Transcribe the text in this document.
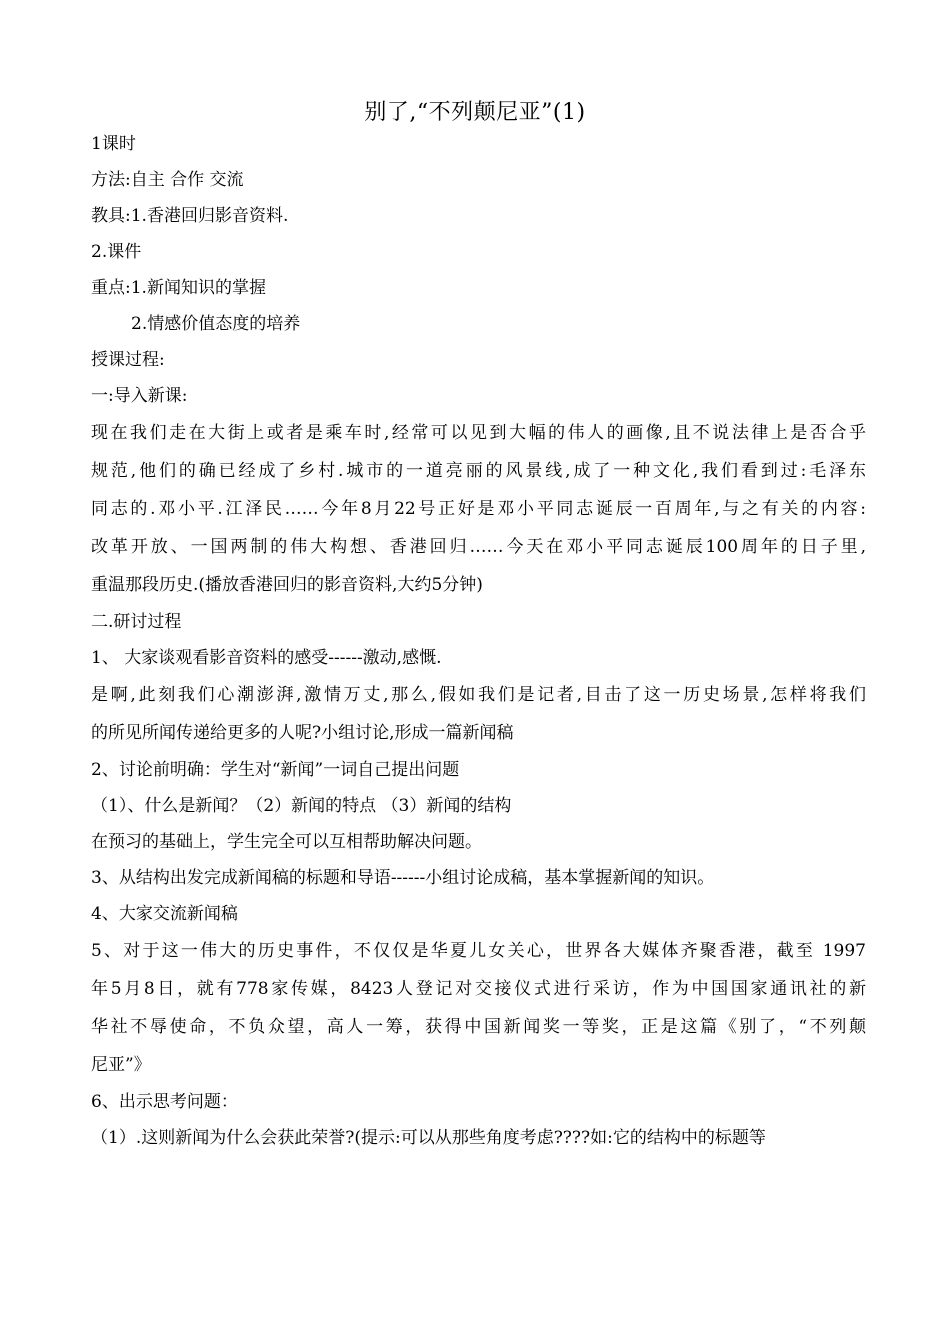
别了,“不列颠尼亚”(1)
1课时
方法:自主 合作 交流
教具:1.香港回归影音资料.
2.课件
重点:1.新闻知识的掌握
2.情感价值态度的培养
授课过程:
一:导入新课:
现在我们走在大街上或者是乘车时,经常可以见到大幅的伟人的画像,且不说法律上是否合乎
规范,他们的确已经成了乡村.城市的一道亮丽的风景线,成了一种文化,我们看到过:毛泽东
同志的.邓小平.江泽民……今年8月22号正好是邓小平同志诞辰一百周年,与之有关的内容:
改革开放、一国两制的伟大构想、香港回归……今天在邓小平同志诞辰100周年的日子里,
重温那段历史.(播放香港回归的影音资料,大约5分钟)
二.研讨过程
1、 大家谈观看影音资料的感受------激动,感慨.
是啊,此刻我们心潮澎湃,激情万丈,那么,假如我们是记者,目击了这一历史场景,怎样将我们
的所见所闻传递给更多的人呢?小组讨论,形成一篇新闻稿
2、讨论前明确：学生对“新闻”一词自己提出问题
（1）、什么是新闻？（2）新闻的特点 （3）新闻的结构
在预习的基础上，学生完全可以互相帮助解决问题。
3、从结构出发完成新闻稿的标题和导语------小组讨论成稿，基本掌握新闻的知识。
4、大家交流新闻稿
5、对于这一伟大的历史事件，不仅仅是华夏儿女关心，世界各大媒体齐聚香港，截至 1997
年5月8日，就有778家传媒，8423人登记对交接仪式进行采访，作为中国国家通讯社的新
华社不辱使命，不负众望，高人一筹，获得中国新闻奖一等奖，正是这篇《别了，“不列颠
尼亚”》
6、出示思考问题：
（1）.这则新闻为什么会获此荣誉?(提示:可以从那些角度考虑????如:它的结构中的标题等
